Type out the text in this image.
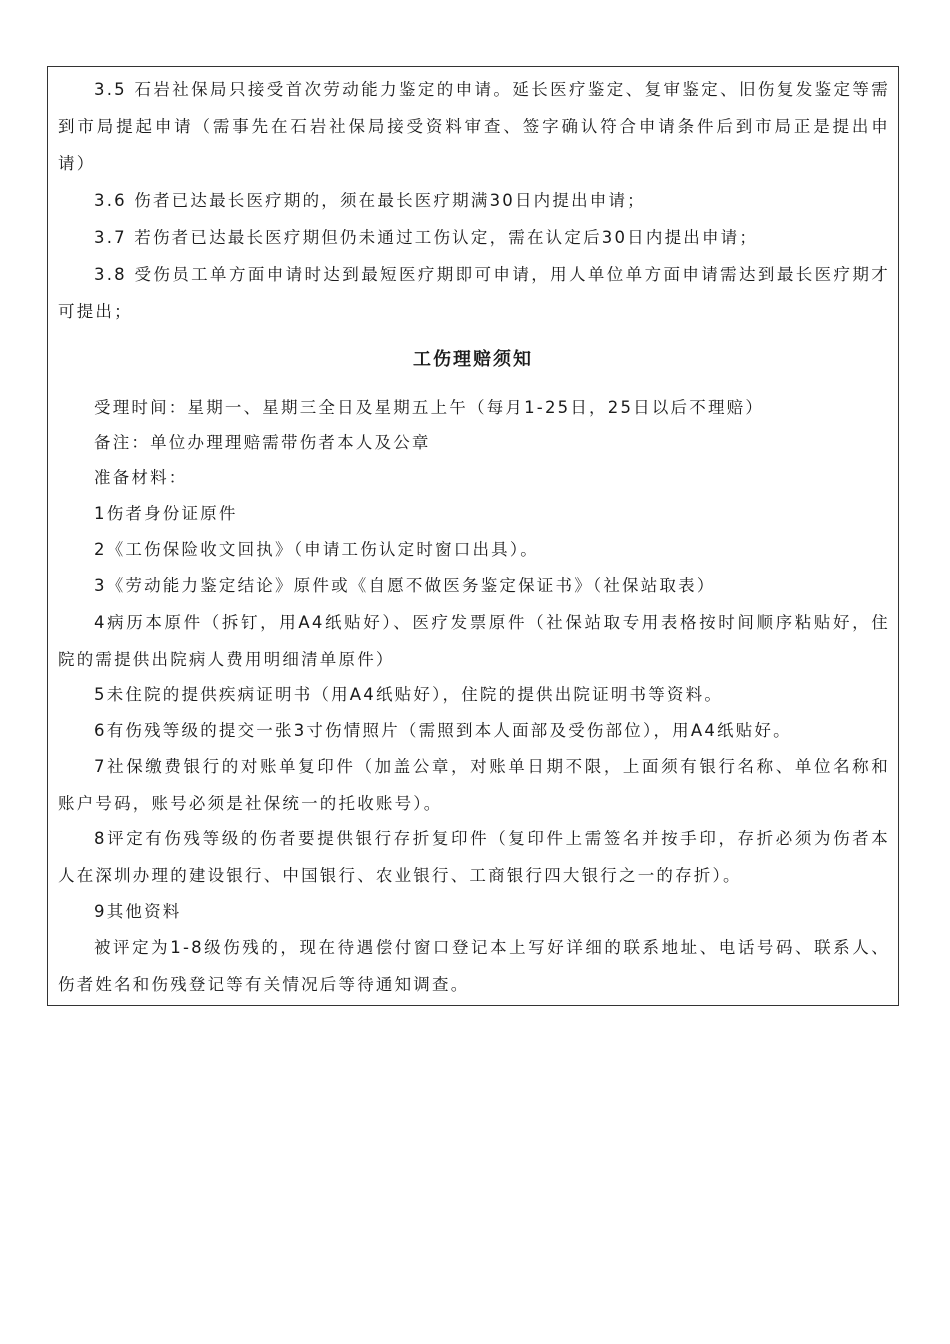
3.5 石岩社保局只接受首次劳动能力鉴定的申请。延长医疗鉴定、复审鉴定、旧伤复发鉴定等需到市局提起申请（需事先在石岩社保局接受资料审查、签字确认符合申请条件后到市局正是提出申请）

3.6 伤者已达最长医疗期的，须在最长医疗期满30日内提出申请；

3.7 若伤者已达最长医疗期但仍未通过工伤认定，需在认定后30日内提出申请；

3.8 受伤员工单方面申请时达到最短医疗期即可申请，用人单位单方面申请需达到最长医疗期才可提出；

工伤理赔须知

受理时间：星期一、星期三全日及星期五上午（每月1-25日，25日以后不理赔）

备注：单位办理理赔需带伤者本人及公章

准备材料：

1伤者身份证原件

2《工伤保险收文回执》（申请工伤认定时窗口出具）。

3《劳动能力鉴定结论》原件或《自愿不做医务鉴定保证书》（社保站取表）

4病历本原件（拆钉，用A4纸贴好）、医疗发票原件（社保站取专用表格按时间顺序粘贴好，住院的需提供出院病人费用明细清单原件）

5未住院的提供疾病证明书（用A4纸贴好），住院的提供出院证明书等资料。

6有伤残等级的提交一张3寸伤情照片（需照到本人面部及受伤部位），用A4纸贴好。

7社保缴费银行的对账单复印件（加盖公章，对账单日期不限，上面须有银行名称、单位名称和账户号码，账号必须是社保统一的托收账号）。

8评定有伤残等级的伤者要提供银行存折复印件（复印件上需签名并按手印，存折必须为伤者本人在深圳办理的建设银行、中国银行、农业银行、工商银行四大银行之一的存折）。

9其他资料

被评定为1-8级伤残的，现在待遇偿付窗口登记本上写好详细的联系地址、电话号码、联系人、伤者姓名和伤残登记等有关情况后等待通知调查。
